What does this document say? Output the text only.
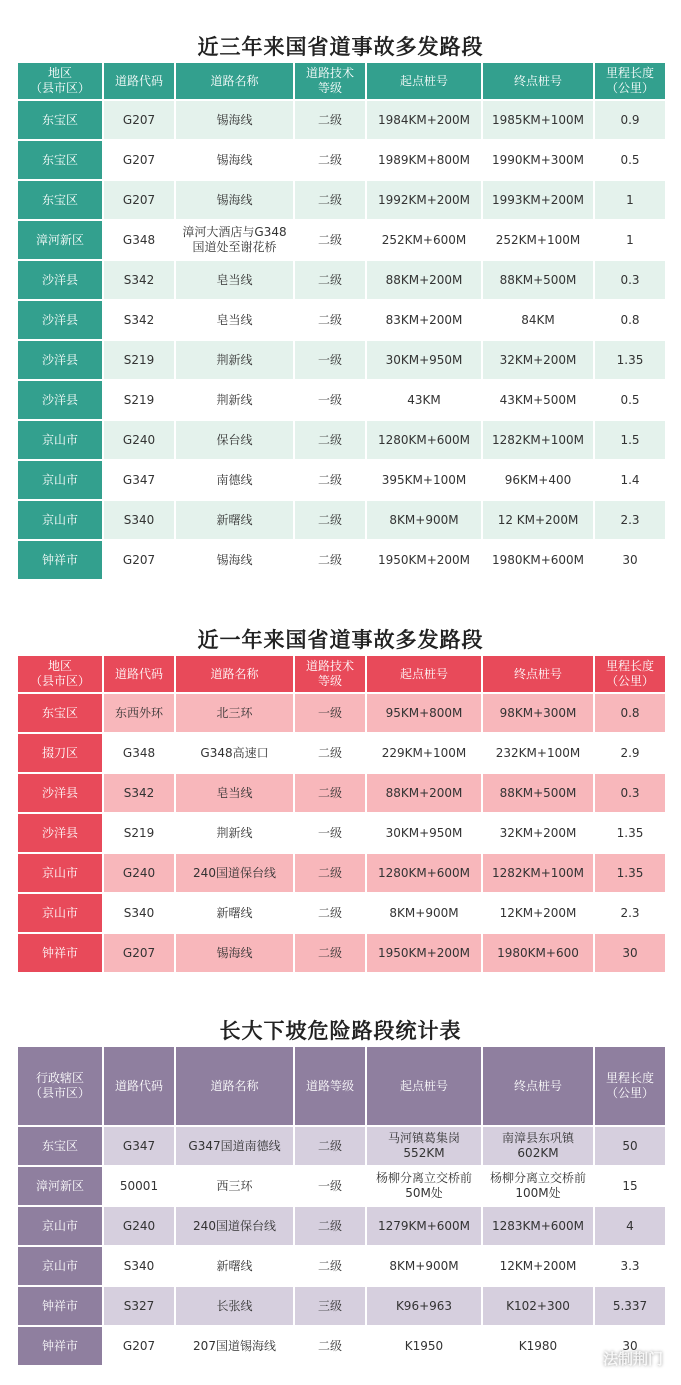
近三年来国省道事故多发路段
地区
（县市区）	道路代码	道路名称	道路技术
等级	起点桩号	终点桩号	里程长度
（公里）
东宝区	G207	锡海线	二级	1984KM+200M	1985KM+100M	0.9
东宝区	G207	锡海线	二级	1989KM+800M	1990KM+300M	0.5
东宝区	G207	锡海线	二级	1992KM+200M	1993KM+200M	1
漳河新区	G348	漳河大酒店与G348
国道处至谢花桥	二级	252KM+600M	252KM+100M	1
沙洋县	S342	皂当线	二级	88KM+200M	88KM+500M	0.3
沙洋县	S342	皂当线	二级	83KM+200M	84KM	0.8
沙洋县	S219	荆新线	一级	30KM+950M	32KM+200M	1.35
沙洋县	S219	荆新线	一级	43KM	43KM+500M	0.5
京山市	G240	保台线	二级	1280KM+600M	1282KM+100M	1.5
京山市	G347	南德线	二级	395KM+100M	96KM+400	1.4
京山市	S340	新曙线	二级	8KM+900M	12 KM+200M	2.3
钟祥市	G207	锡海线	二级	1950KM+200M	1980KM+600M	30
近一年来国省道事故多发路段
地区
（县市区）	道路代码	道路名称	道路技术
等级	起点桩号	终点桩号	里程长度
（公里）
东宝区	东西外环	北三环	一级	95KM+800M	98KM+300M	0.8
掇刀区	G348	G348高速口	二级	229KM+100M	232KM+100M	2.9
沙洋县	S342	皂当线	二级	88KM+200M	88KM+500M	0.3
沙洋县	S219	荆新线	一级	30KM+950M	32KM+200M	1.35
京山市	G240	240国道保台线	二级	1280KM+600M	1282KM+100M	1.35
京山市	S340	新曙线	二级	8KM+900M	12KM+200M	2.3
钟祥市	G207	锡海线	二级	1950KM+200M	1980KM+600	30
长大下坡危险路段统计表
行政辖区
（县市区）	道路代码	道路名称	道路等级	起点桩号	终点桩号	里程长度
（公里）
东宝区	G347	G347国道南德线	二级	马河镇葛集岗
552KM	南漳县东巩镇
602KM	50
漳河新区	50001	西三环	一级	杨柳分离立交桥前
50M处	杨柳分离立交桥前
100M处	15
京山市	G240	240国道保台线	二级	1279KM+600M	1283KM+600M	4
京山市	S340	新曙线	二级	8KM+900M	12KM+200M	3.3
钟祥市	S327	长张线	三级	K96+963	K102+300	5.337
钟祥市	G207	207国道锡海线	二级	K1950	K1980	30
法制荆门
